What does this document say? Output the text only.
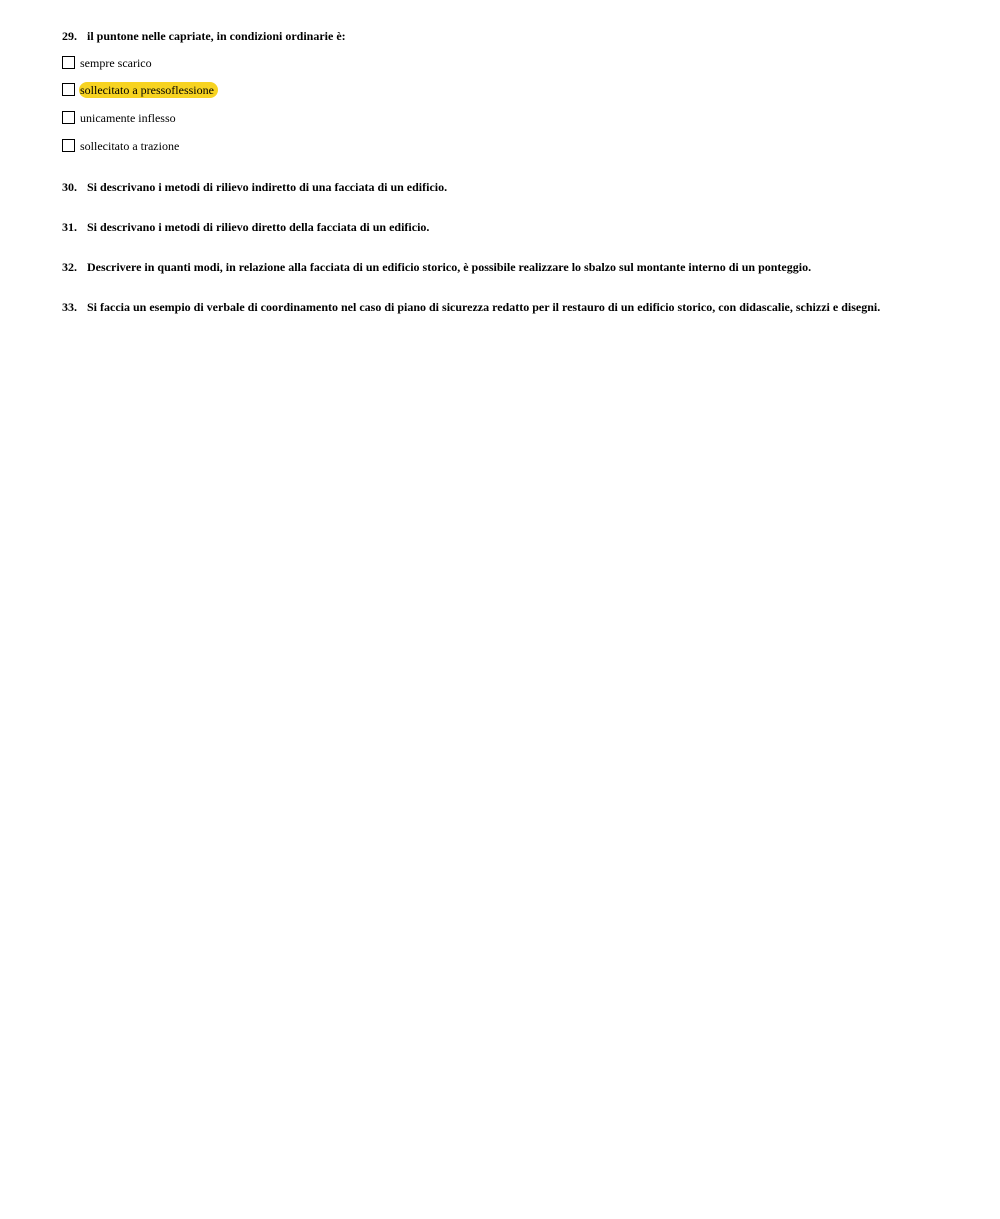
29. il puntone nelle capriate, in condizioni ordinarie è:
sempre scarico
sollecitato a pressoflessione
unicamente inflesso
sollecitato a trazione
30. Si descrivano i metodi di rilievo indiretto di una facciata di un edificio.
31. Si descrivano i metodi di rilievo diretto della facciata di un edificio.
32. Descrivere in quanti modi, in relazione alla facciata di un edificio storico, è possibile realizzare lo sbalzo sul montante interno di un ponteggio.
33. Si faccia un esempio di verbale di coordinamento nel caso di piano di sicurezza redatto per il restauro di un edificio storico, con didascalie, schizzi e disegni.
